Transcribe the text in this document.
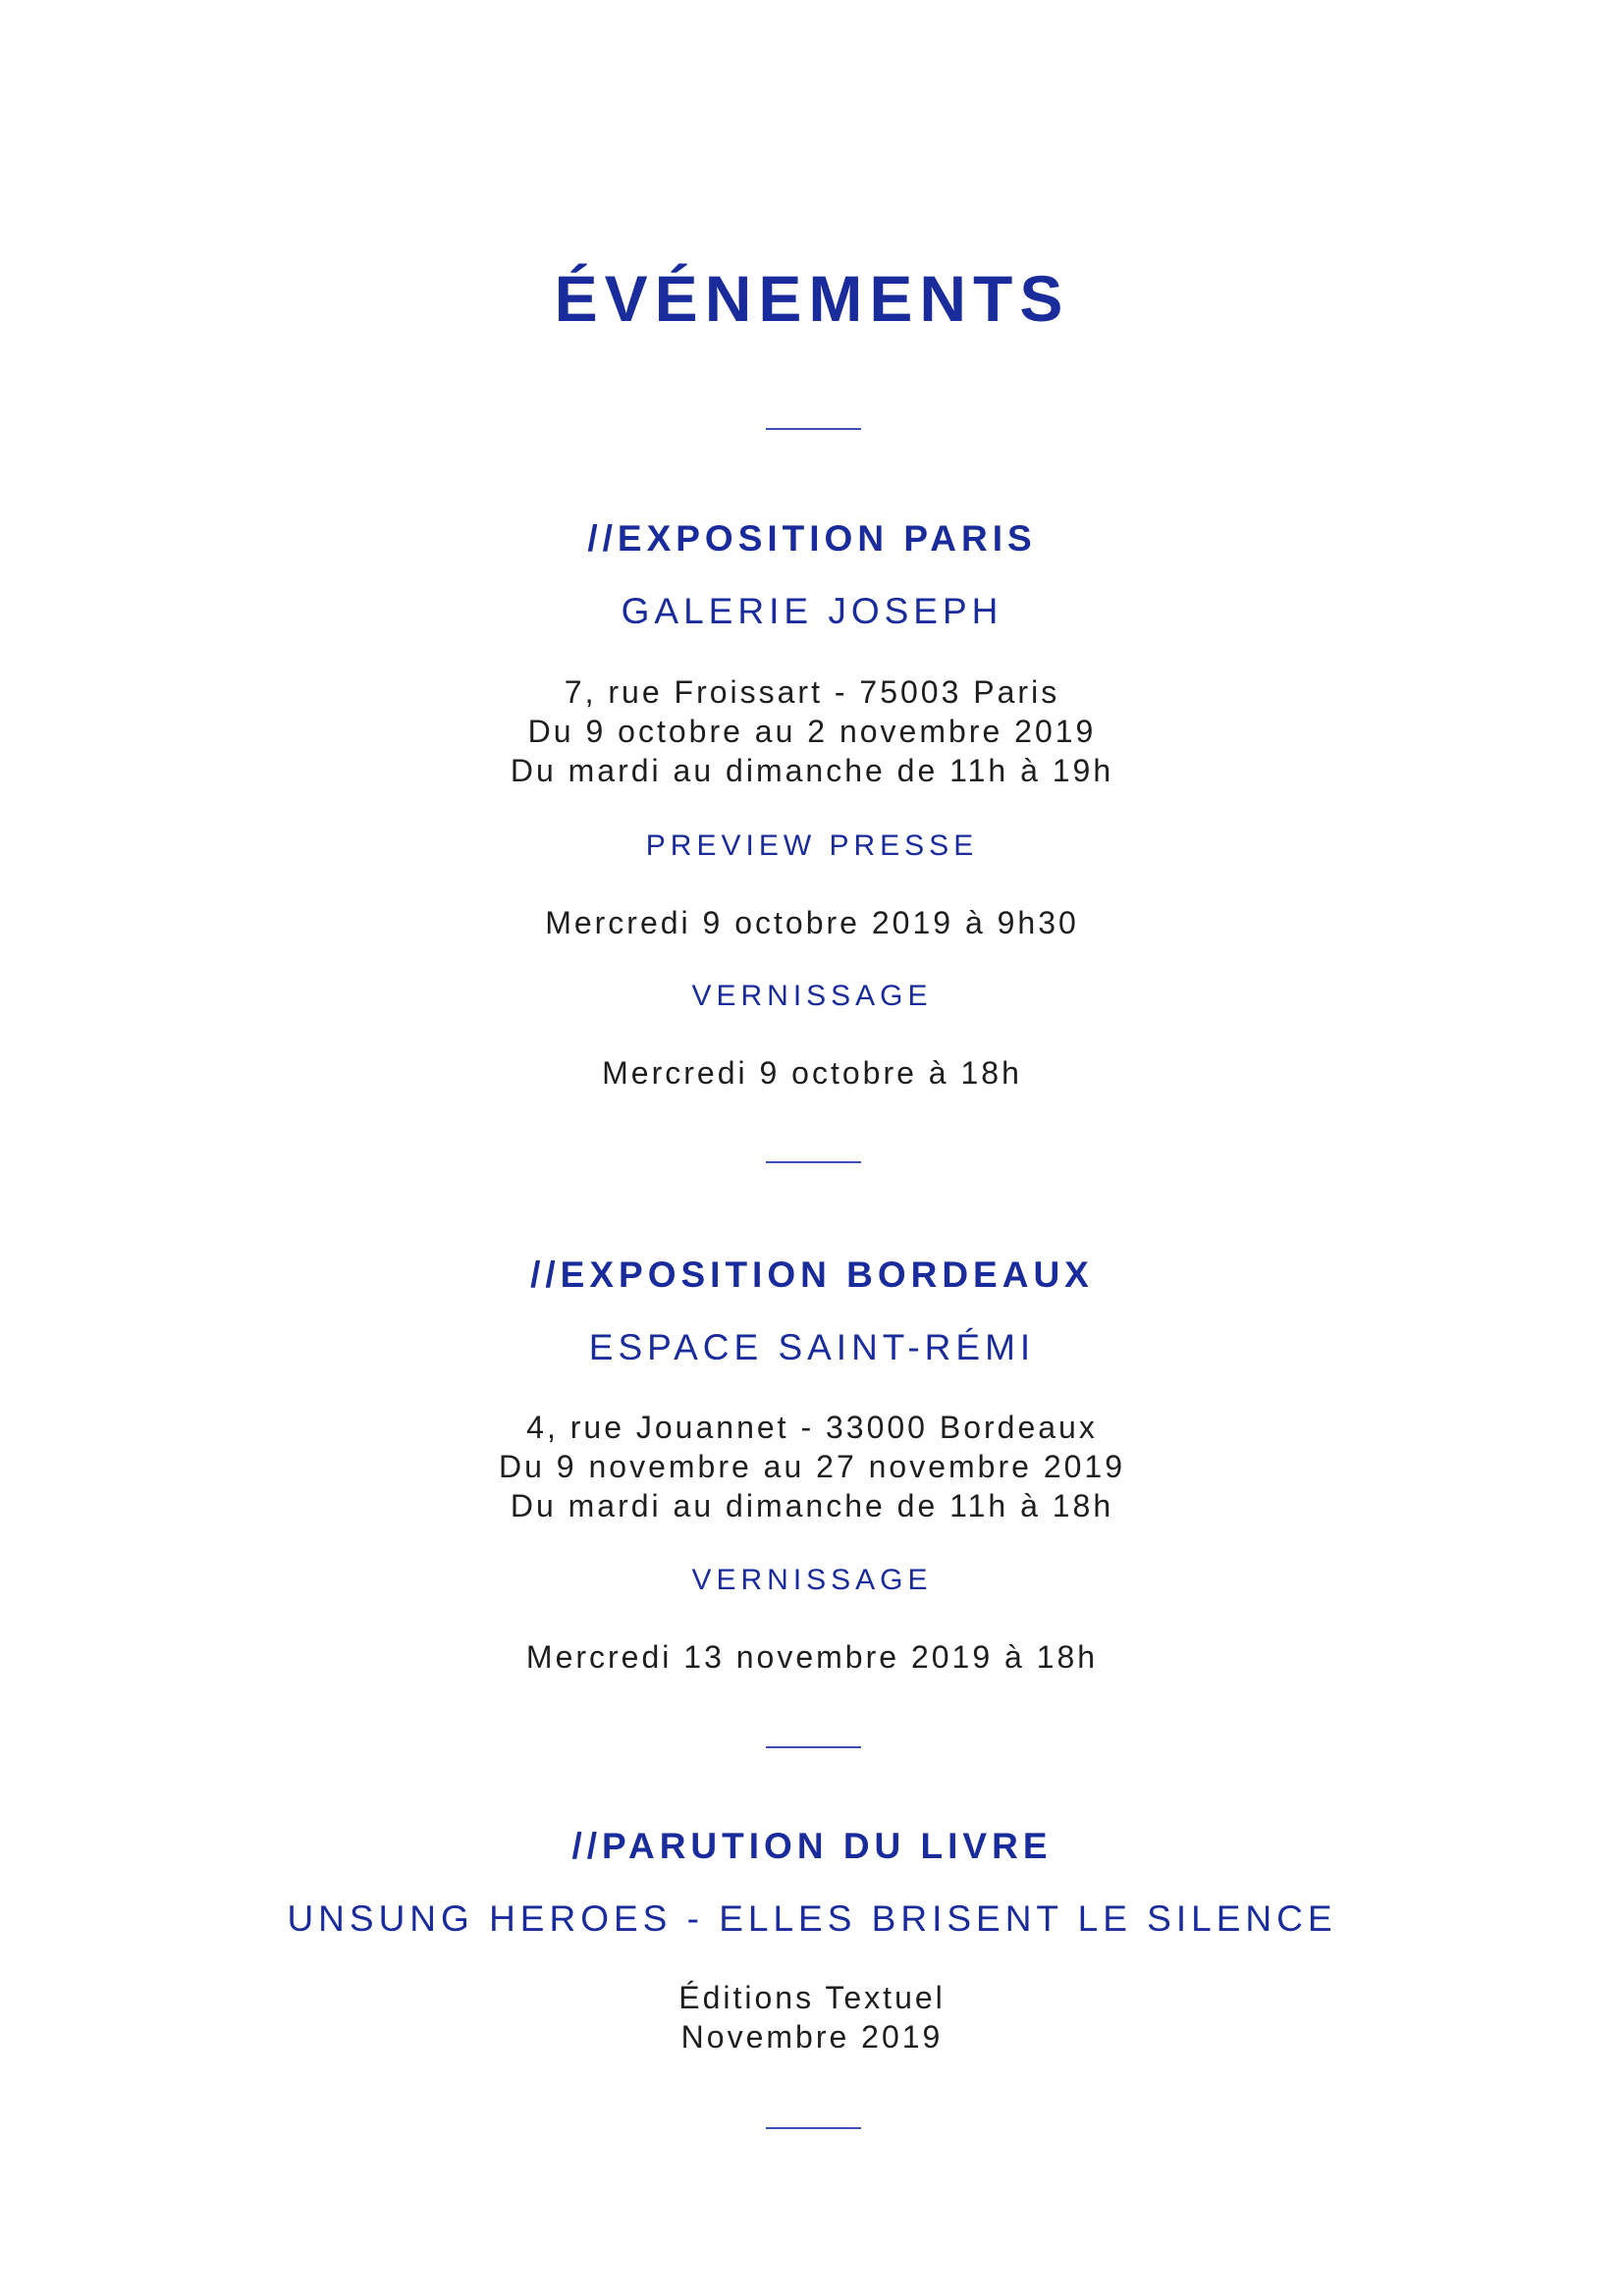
ÉVÉNEMENTS
//EXPOSITION PARIS
GALERIE JOSEPH
7, rue Froissart - 75003 Paris
Du 9 octobre au 2 novembre 2019
Du mardi au dimanche de 11h à 19h
PREVIEW PRESSE
Mercredi 9 octobre 2019 à 9h30
VERNISSAGE
Mercredi 9 octobre à 18h
//EXPOSITION BORDEAUX
ESPACE SAINT-RÉMI
4, rue Jouannet - 33000 Bordeaux
Du 9 novembre au 27 novembre 2019
Du mardi au dimanche de 11h à 18h
VERNISSAGE
Mercredi 13 novembre 2019 à 18h
//PARUTION DU LIVRE
UNSUNG HEROES - ELLES BRISENT LE SILENCE
Éditions Textuel
Novembre 2019
